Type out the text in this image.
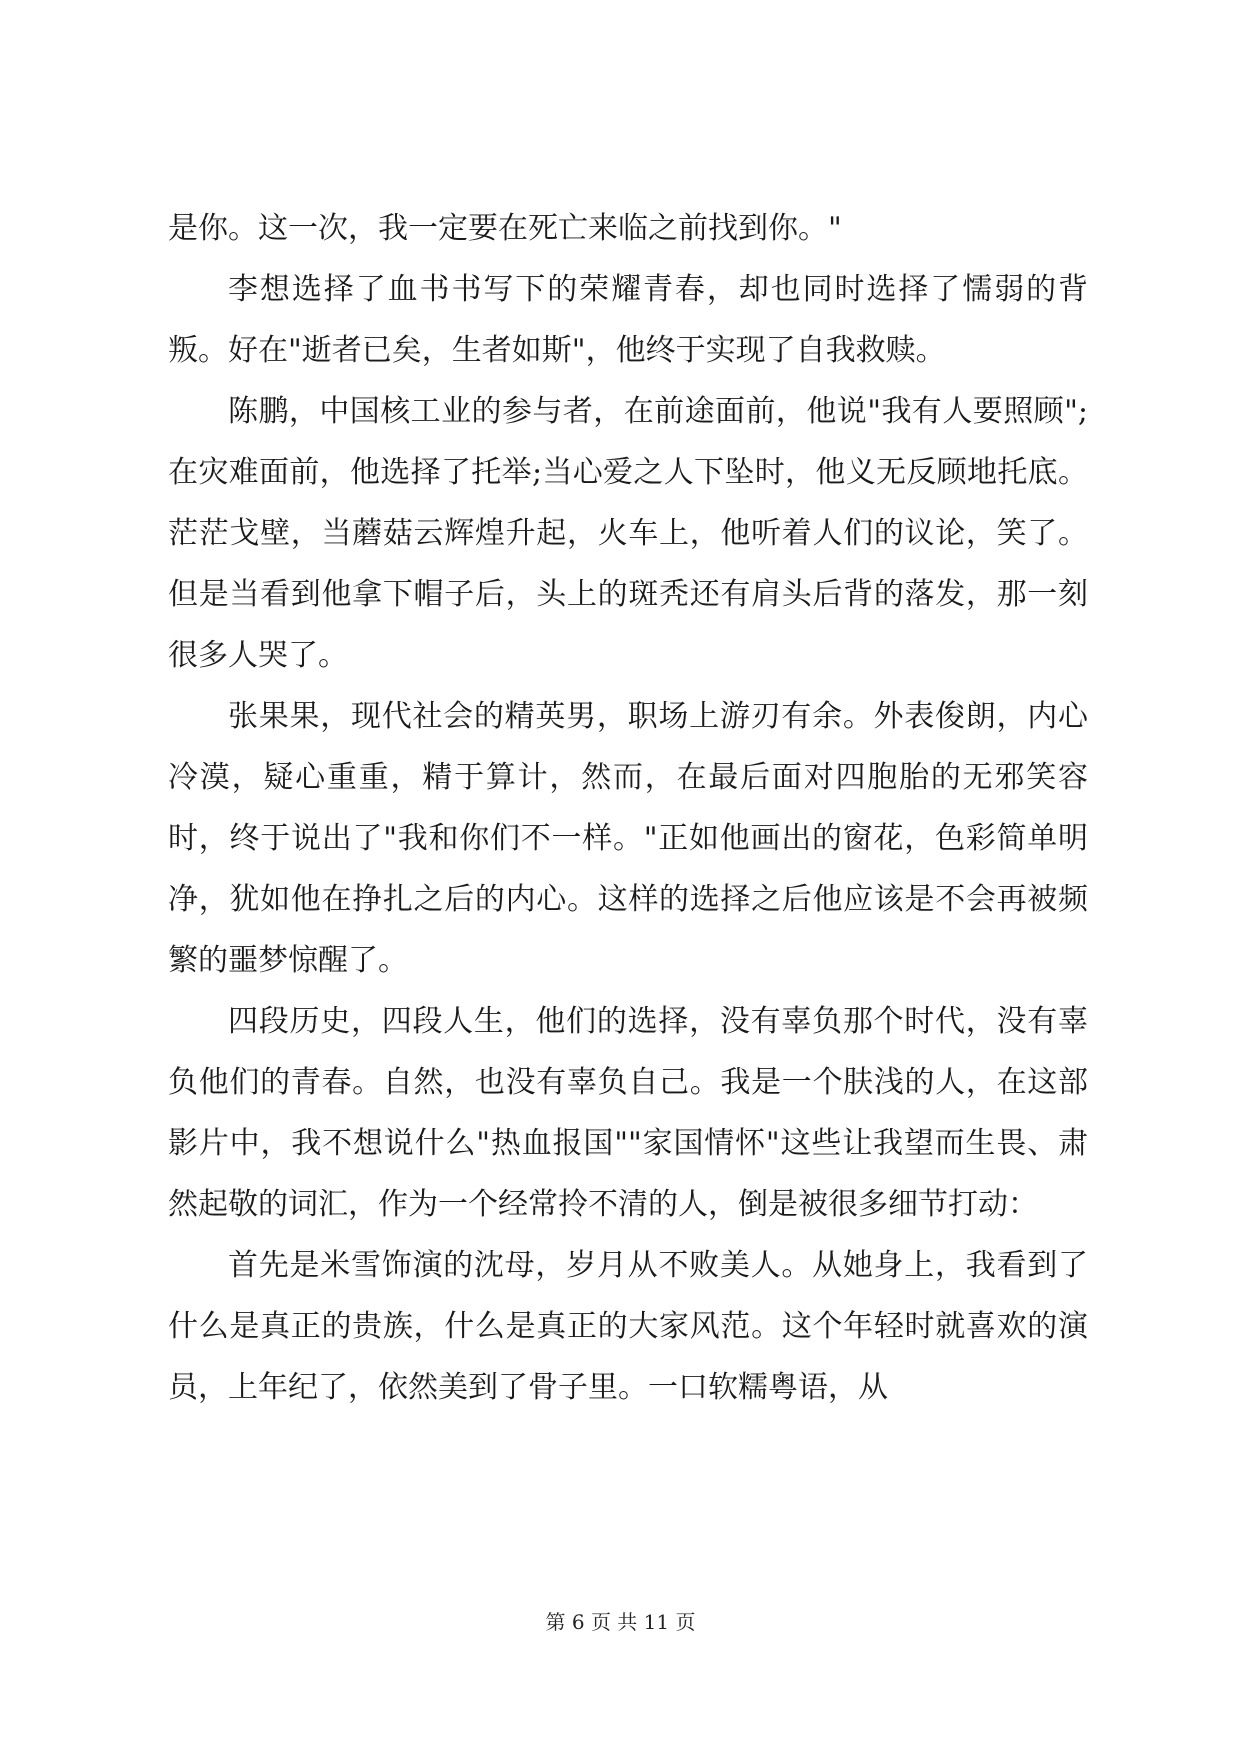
是你。这一次，我一定要在死亡来临之前找到你。"

李想选择了血书书写下的荣耀青春，却也同时选择了懦弱的背叛。好在"逝者已矣，生者如斯"，他终于实现了自我救赎。

陈鹏，中国核工业的参与者，在前途面前，他说"我有人要照顾";在灾难面前，他选择了托举;当心爱之人下坠时，他义无反顾地托底。茫茫戈壁，当蘑菇云辉煌升起，火车上，他听着人们的议论，笑了。但是当看到他拿下帽子后，头上的斑秃还有肩头后背的落发，那一刻很多人哭了。

张果果，现代社会的精英男，职场上游刃有余。外表俊朗，内心冷漠，疑心重重，精于算计，然而，在最后面对四胞胎的无邪笑容时，终于说出了"我和你们不一样。"正如他画出的窗花，色彩简单明净，犹如他在挣扎之后的内心。这样的选择之后他应该是不会再被频繁的噩梦惊醒了。

四段历史，四段人生，他们的选择，没有辜负那个时代，没有辜负他们的青春。自然，也没有辜负自己。我是一个肤浅的人，在这部影片中，我不想说什么"热血报国""家国情怀"这些让我望而生畏、肃然起敬的词汇，作为一个经常拎不清的人，倒是被很多细节打动：

首先是米雪饰演的沈母，岁月从不败美人。从她身上，我看到了什么是真正的贵族，什么是真正的大家风范。这个年轻时就喜欢的演员，上年纪了，依然美到了骨子里。一口软糯粤语，从

第 6 页 共 11 页
